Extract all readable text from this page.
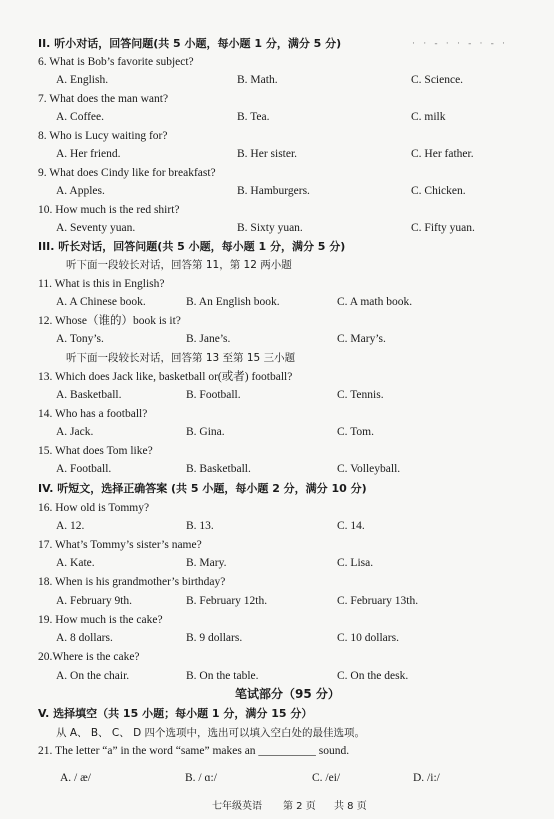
· · - · · - · - ·
II. 听小对话，回答问题(共 5 小题，每小题 1 分，满分 5 分)
6. What is Bob’s favorite subject?
A. English.	B. Math.	C. Science.
7. What does the man want?
A. Coffee.	B. Tea.	C. milk
8. Who is Lucy waiting for?
A. Her friend.	B. Her sister.	C. Her father.
9. What does Cindy like for breakfast?
A. Apples.	B. Hamburgers.	C. Chicken.
10. How much is the red shirt?
A. Seventy yuan.	B. Sixty yuan.	C. Fifty yuan.
III. 听长对话，回答问题(共 5 小题，每小题 1 分，满分 5 分)
听下面一段较长对话，回答第 11，第 12 两小题
11. What is this in English?
A. A Chinese book.	B. An English book.	C. A math book.
12. Whose（谁的）book is it?
A. Tony’s.	B. Jane’s.	C. Mary’s.
听下面一段较长对话，回答第 13 至第 15 三小题
13. Which does Jack like, basketball or(或者) football?
A. Basketball.	B. Football.	C. Tennis.
14. Who has a football?
A. Jack.	B. Gina.	C. Tom.
15. What does Tom like?
A. Football.	B. Basketball.	C. Volleyball.
IV. 听短文，选择正确答案 (共 5 小题，每小题 2 分，满分 10 分)
16. How old is Tommy?
A. 12.	B. 13.	C. 14.
17. What’s Tommy’s sister’s name?
A. Kate.	B. Mary.	C. Lisa.
18. When is his grandmother’s birthday?
A. February 9th.	B. February 12th.	C. February 13th.
19. How much is the cake?
A. 8 dollars.	B. 9 dollars.	C. 10 dollars.
20.Where is the cake?
A. On the chair.	B. On the table.	C. On the desk.
笔试部分（95 分）
V. 选择填空（共 15 小题；每小题 1 分，满分 15 分）
从 A、 B、 C、 D 四个选项中，选出可以填入空白处的最佳选项。
21. The letter “a” in the word “same” makes an __________ sound.
A. / æ/	B. / ɑ:/	C. /ei/	D. /i:/
七年级英语 第 2 页 共 8 页
